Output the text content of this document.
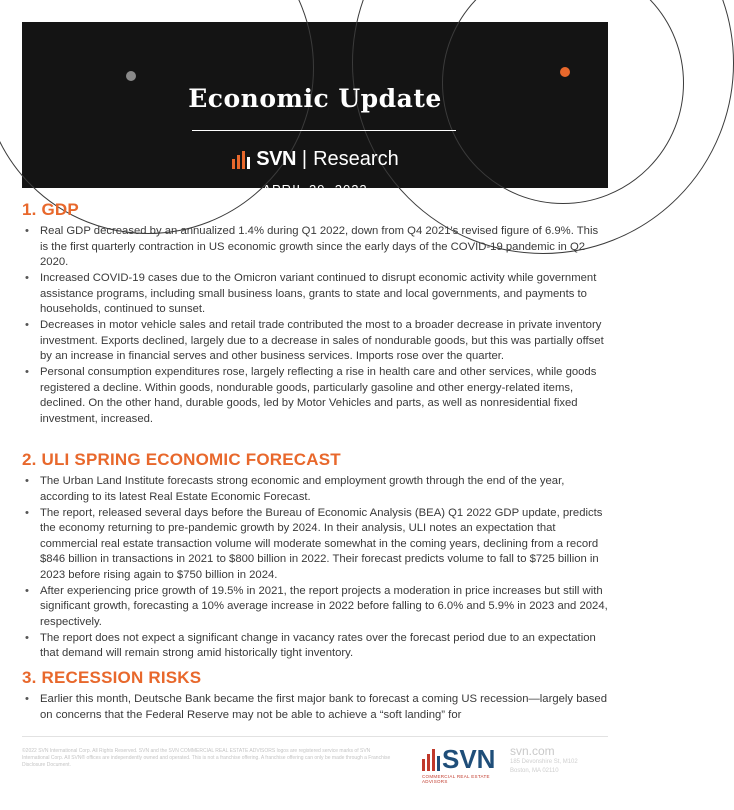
Economic Update
SVN | Research
APRIL 29, 2022
1. GDP
• Real GDP decreased by an annualized 1.4% during Q1 2022, down from Q4 2021's revised figure of 6.9%. This is the first quarterly contraction in US economic growth since the early days of the COVID-19 pandemic in Q2 2020.
• Increased COVID-19 cases due to the Omicron variant continued to disrupt economic activity while government assistance programs, including small business loans, grants to state and local governments, and payments to households, continued to sunset.
• Decreases in motor vehicle sales and retail trade contributed the most to a broader decrease in private inventory investment. Exports declined, largely due to a decrease in sales of nondurable goods, but this was partially offset by an increase in financial serves and other business services. Imports rose over the quarter.
• Personal consumption expenditures rose, largely reflecting a rise in health care and other services, while goods registered a decline. Within goods, nondurable goods, particularly gasoline and other energy-related items, declined. On the other hand, durable goods, led by Motor Vehicles and parts, as well as nonresidential fixed investment, increased.
2. ULI SPRING ECONOMIC FORECAST
• The Urban Land Institute forecasts strong economic and employment growth through the end of the year, according to its latest Real Estate Economic Forecast.
• The report, released several days before the Bureau of Economic Analysis (BEA) Q1 2022 GDP update, predicts the economy returning to pre-pandemic growth by 2024. In their analysis, ULI notes an expectation that commercial real estate transaction volume will moderate somewhat in the coming years, declining from a record $846 billion in transactions in 2021 to $800 billion in 2022. Their forecast predicts volume to fall to $725 billion in 2023 before rising again to $750 billion in 2024.
• After experiencing price growth of 19.5% in 2021, the report projects a moderation in price increases but still with significant growth, forecasting a 10% average increase in 2022 before falling to 6.0% and 5.9% in 2023 and 2024, respectively.
• The report does not expect a significant change in vacancy rates over the forecast period due to an expectation that demand will remain strong amid historically tight inventory.
3. RECESSION RISKS
• Earlier this month, Deutsche Bank became the first major bank to forecast a coming US recession—largely based on concerns that the Federal Reserve may not be able to achieve a “soft landing” for
©2022 SVN International Corp. All Rights Reserved. SVN and the SVN COMMERCIAL REAL ESTATE ADVISORS logos are registered service marks of SVN International Corp. All SVN® offices are independently owned and operated. This is not a franchise offering. A franchise offering can only be made through a Franchise Disclosure Document.	SVN
COMMERCIAL REAL ESTATE ADVISORS
svn.com
185 Devonshire St, M102
Boston, MA 02110
